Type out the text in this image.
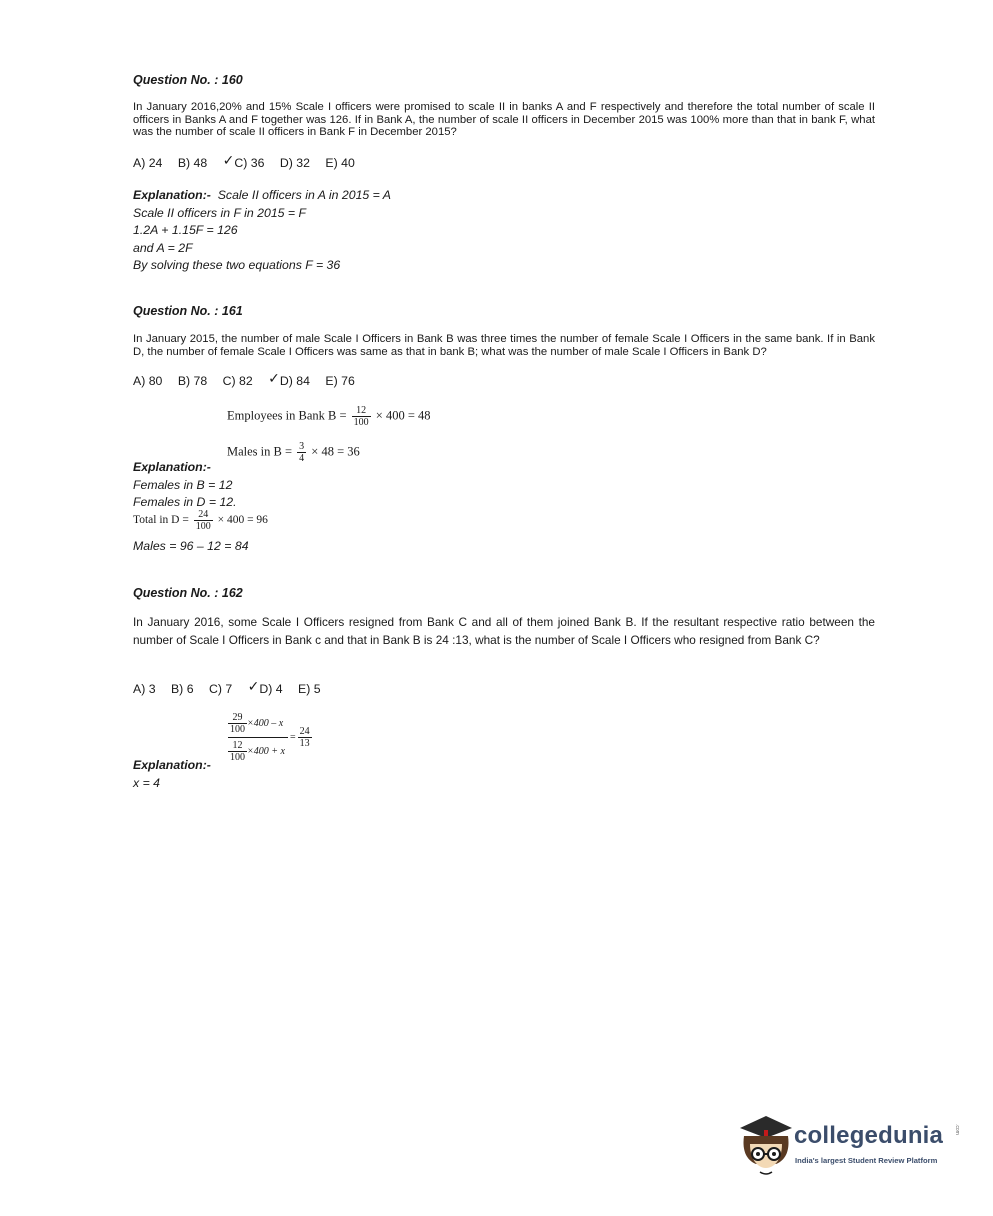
Question No. : 160
In January 2016,20% and 15% Scale I officers were promised to scale II in banks A and F respectively and therefore the total number of scale II officers in Banks A and F together was 126. If in Bank A, the number of scale II officers in December 2015 was 100% more than that in bank F, what was the number of scale II officers in Bank F in December 2015?
A) 24 B) 48 ✓C) 36 D) 32 E) 40
Explanation:- Scale II officers in A in 2015 = A
Scale II officers in F in 2015 = F
1.2A + 1.15F = 126
and A = 2F
By solving these two equations F = 36
Question No. : 161
In January 2015, the number of male Scale I Officers in Bank B was three times the number of female Scale I Officers in the same bank. If in Bank D, the number of female Scale I Officers was same as that in bank B; what was the number of male Scale I Officers in Bank D?
A) 80 B) 78 C) 82 ✓D) 84 E) 76
Employees in Bank $B = \frac{12}{100} \times 400 = 48$
Males in $B = \frac{3}{4} \times 48 = 36$
Explanation:-
Females in B = 12
Females in D = 12.
Total in $D = \frac{24}{100} \times 400 = 96$
Males = 96 – 12 = 84
Question No. : 162
In January 2016, some Scale I Officers resigned from Bank C and all of them joined Bank B. If the resultant respective ratio between the number of Scale I Officers in Bank c and that in Bank B is 24 :13, what is the number of Scale I Officers who resigned from Bank C?
A) 3 B) 6 C) 7 ✓D) 4 E) 5
$\frac{29}{100} \times 400 - x$
$\frac{12}{100} \times 400 + x$
= $\frac{24}{13}$
Explanation:-
x = 4
collegedunia .com
India's largest Student Review Platform
